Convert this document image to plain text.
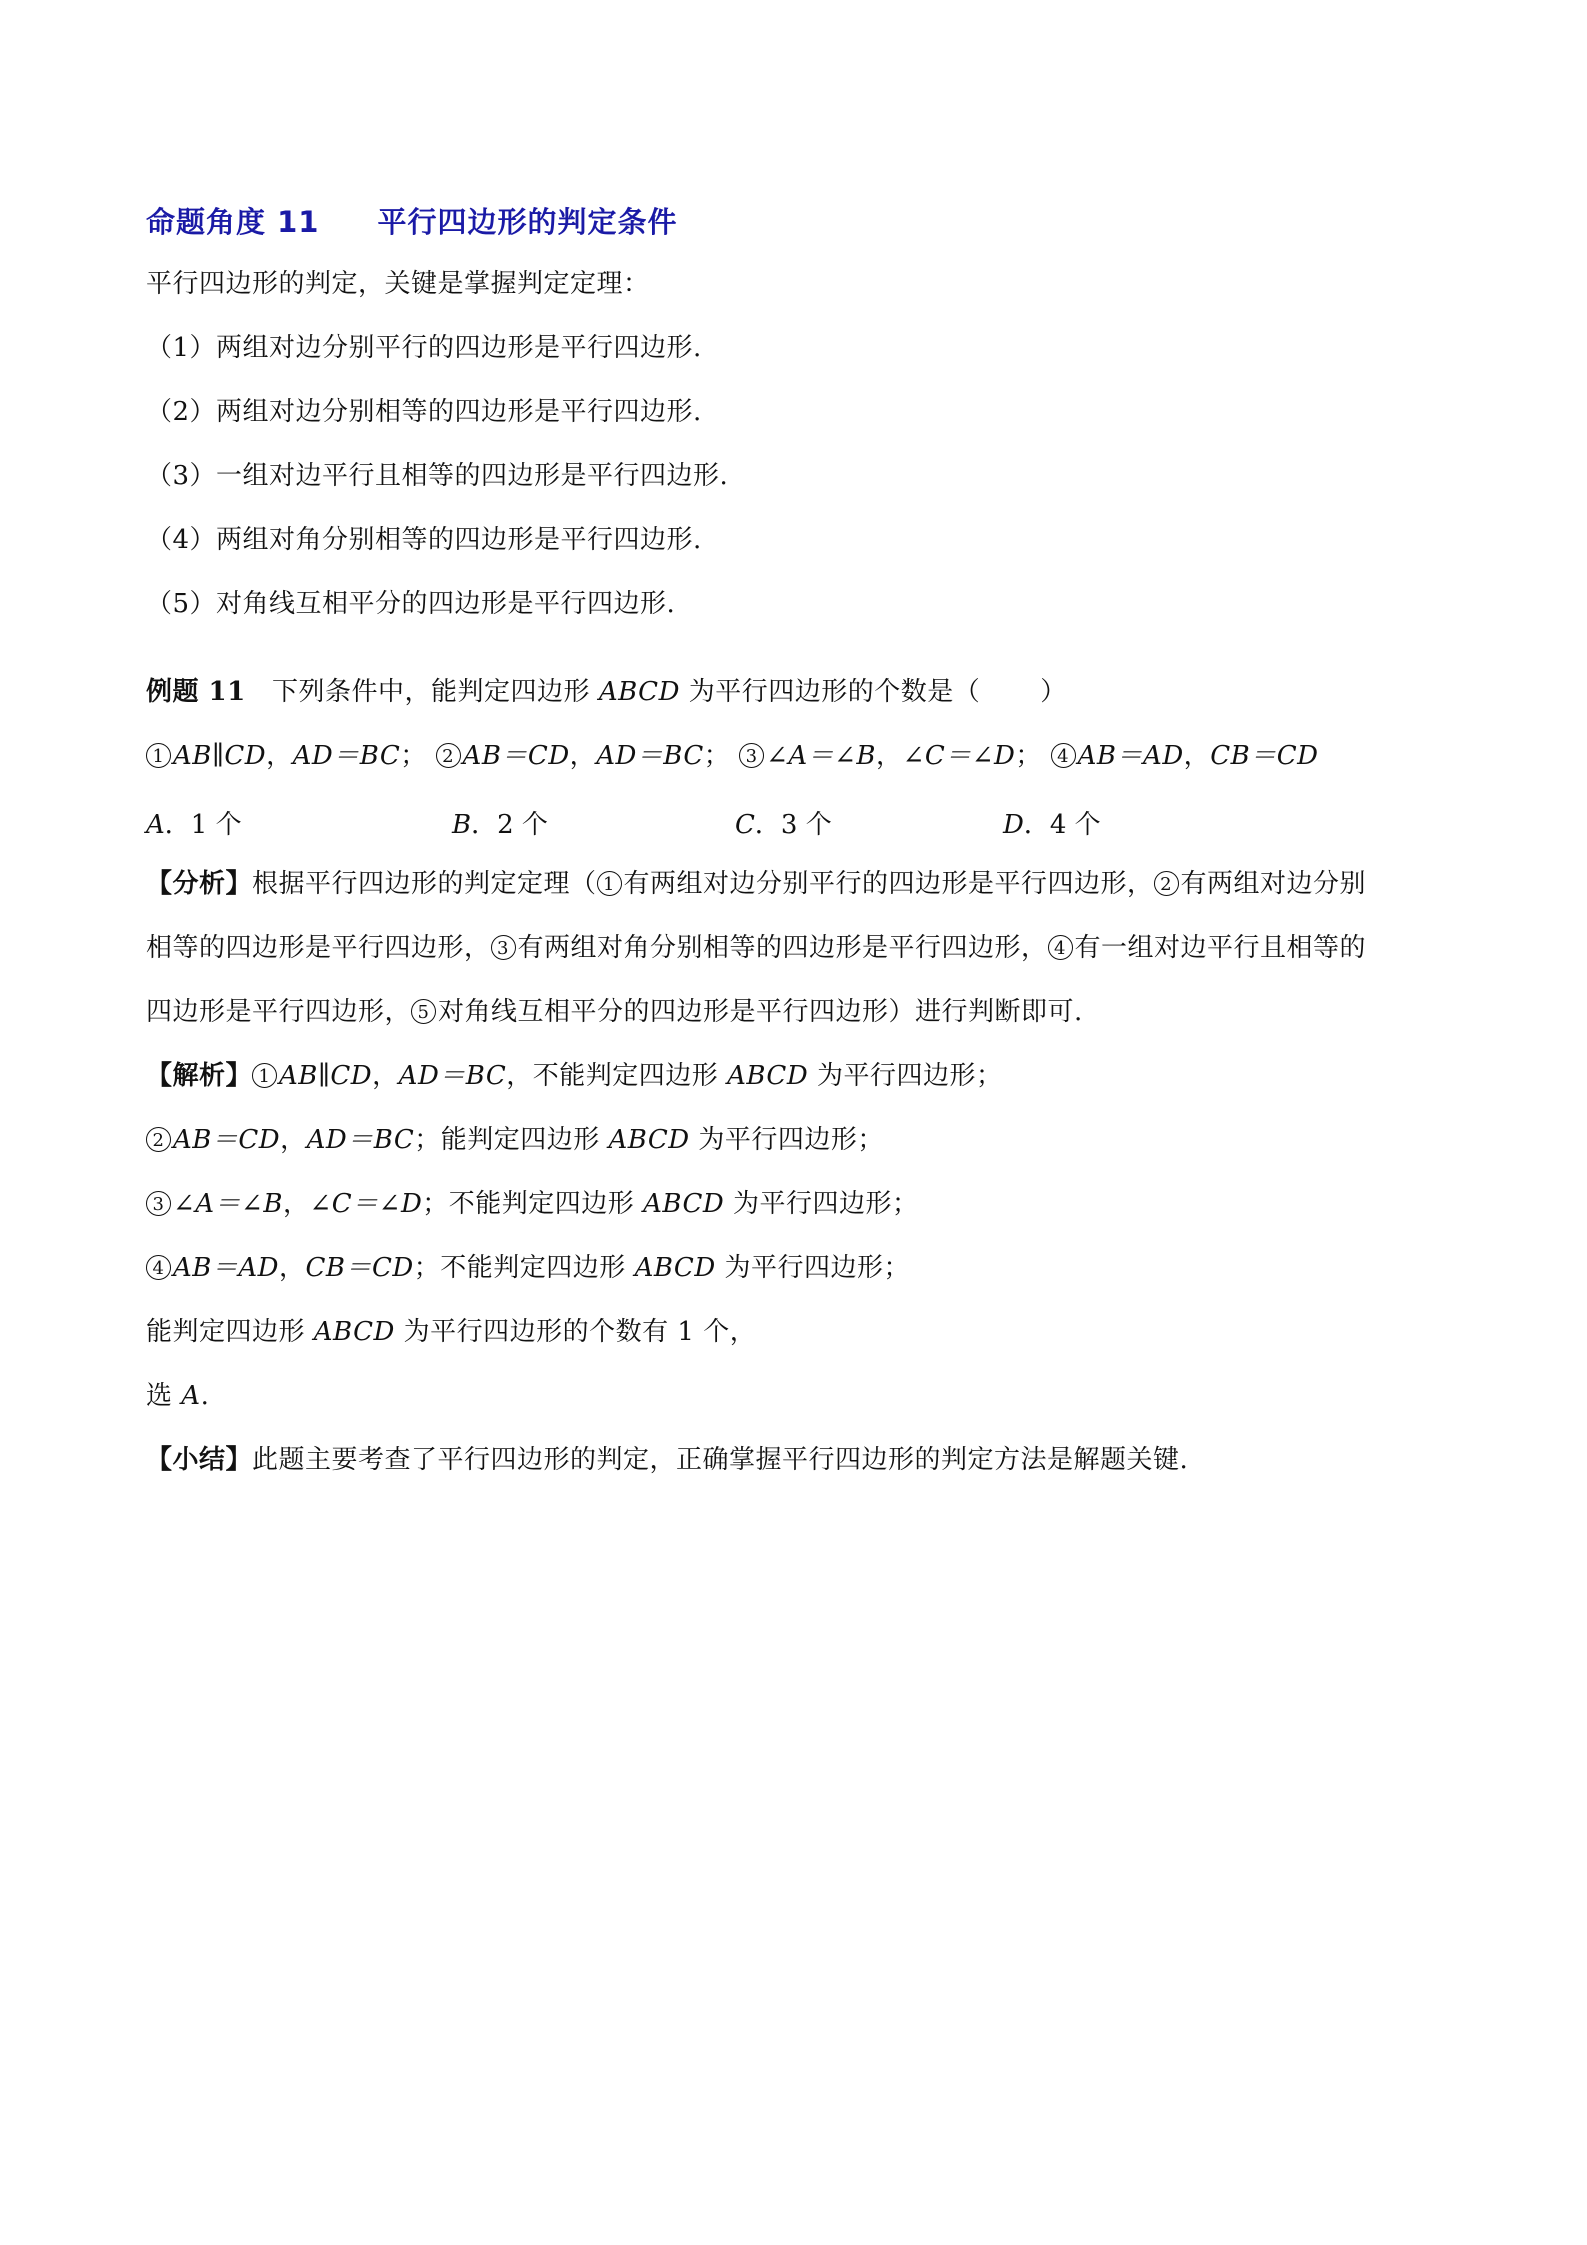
命题角度 11 平行四边形的判定条件
平行四边形的判定，关键是掌握判定定理：
（1）两组对边分别平行的四边形是平行四边形.
（2）两组对边分别相等的四边形是平行四边形.
（3）一组对边平行且相等的四边形是平行四边形.
（4）两组对角分别相等的四边形是平行四边形.
（5）对角线互相平分的四边形是平行四边形.
例题 11 下列条件中，能判定四边形 ABCD 为平行四边形的个数是（ ）
1 AB∥CD，AD＝BC； 2 AB＝CD，AD＝BC； 3 ∠A＝∠B，∠C＝∠D； 4 AB＝AD，CB＝CD
A．1 个	B．2 个	C．3 个	D．4 个
【分析】根据平行四边形的判定定理（ 1 有两组对边分别平行的四边形是平行四边形， 2 有两组对边分别
相等的四边形是平行四边形， 3 有两组对角分别相等的四边形是平行四边形， 4 有一组对边平行且相等的
四边形是平行四边形， 5 对角线互相平分的四边形是平行四边形）进行判断即可.
【解析】 1 AB∥CD，AD＝BC，不能判定四边形 ABCD 为平行四边形；
2 AB＝CD，AD＝BC；能判定四边形 ABCD 为平行四边形；
3 ∠A＝∠B，∠C＝∠D；不能判定四边形 ABCD 为平行四边形；
4 AB＝AD，CB＝CD；不能判定四边形 ABCD 为平行四边形；
能判定四边形 ABCD 为平行四边形的个数有 1 个，
选 A.
【小结】此题主要考查了平行四边形的判定，正确掌握平行四边形的判定方法是解题关键.
